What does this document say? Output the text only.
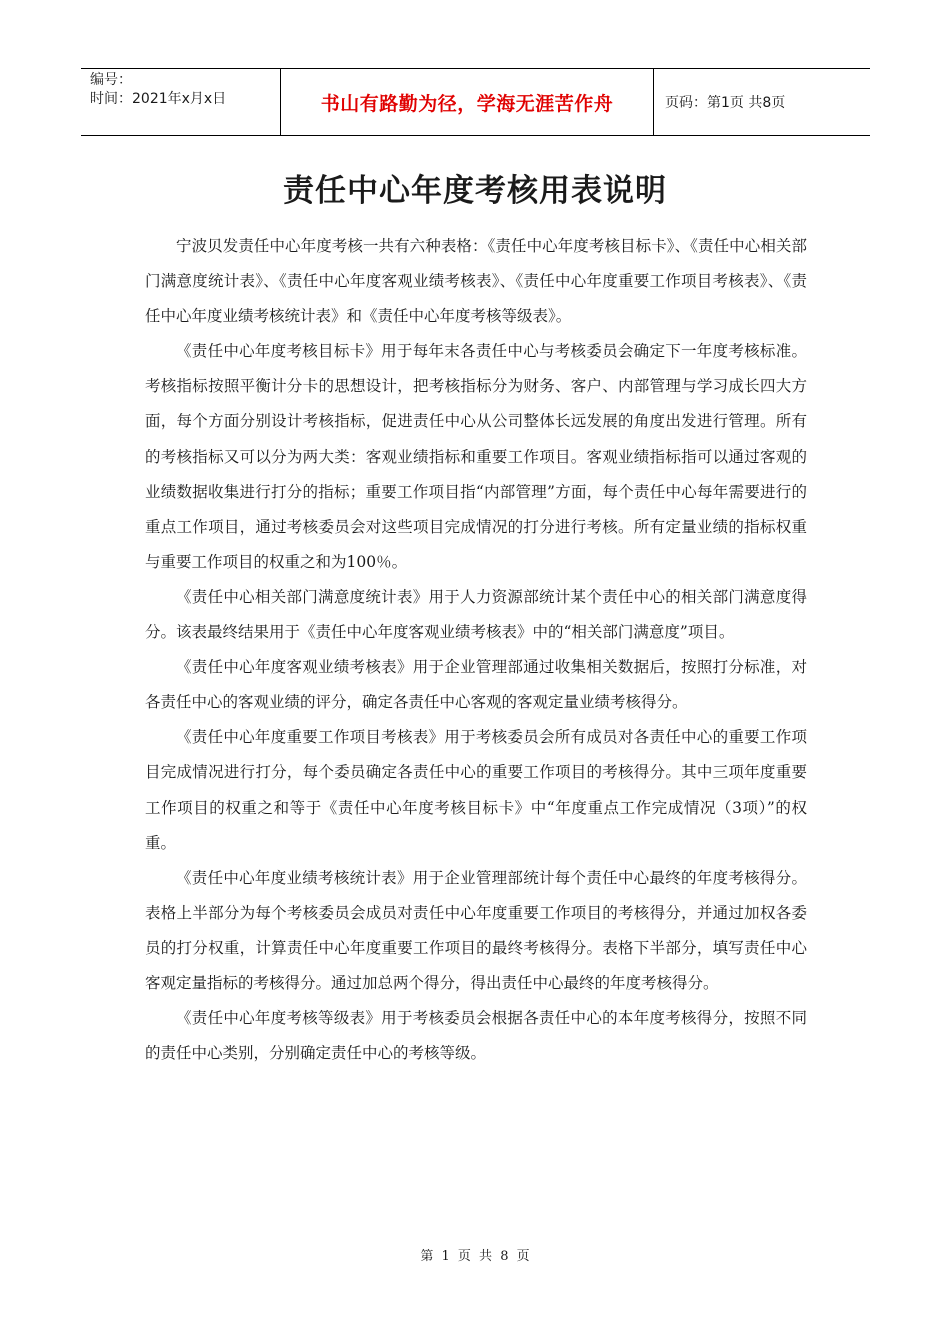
编号：
时间：2021年x月x日	书山有路勤为径，学海无涯苦作舟	页码：第1页 共8页
责任中心年度考核用表说明

宁波贝发责任中心年度考核一共有六种表格：《责任中心年度考核目标卡》、《责任中心相关部门满意度统计表》、《责任中心年度客观业绩考核表》、《责任中心年度重要工作项目考核表》、《责任中心年度业绩考核统计表》和《责任中心年度考核等级表》。

《责任中心年度考核目标卡》用于每年末各责任中心与考核委员会确定下一年度考核标准。考核指标按照平衡计分卡的思想设计，把考核指标分为财务、客户、内部管理与学习成长四大方面，每个方面分别设计考核指标，促进责任中心从公司整体长远发展的角度出发进行管理。所有的考核指标又可以分为两大类：客观业绩指标和重要工作项目。客观业绩指标指可以通过客观的业绩数据收集进行打分的指标；重要工作项目指“内部管理”方面，每个责任中心每年需要进行的重点工作项目，通过考核委员会对这些项目完成情况的打分进行考核。所有定量业绩的指标权重与重要工作项目的权重之和为100％。

《责任中心相关部门满意度统计表》用于人力资源部统计某个责任中心的相关部门满意度得分。该表最终结果用于《责任中心年度客观业绩考核表》中的“相关部门满意度”项目。

《责任中心年度客观业绩考核表》用于企业管理部通过收集相关数据后，按照打分标准，对各责任中心的客观业绩的评分，确定各责任中心客观的客观定量业绩考核得分。

《责任中心年度重要工作项目考核表》用于考核委员会所有成员对各责任中心的重要工作项目完成情况进行打分，每个委员确定各责任中心的重要工作项目的考核得分。其中三项年度重要工作项目的权重之和等于《责任中心年度考核目标卡》中“年度重点工作完成情况（3项）”的权重。

《责任中心年度业绩考核统计表》用于企业管理部统计每个责任中心最终的年度考核得分。表格上半部分为每个考核委员会成员对责任中心年度重要工作项目的考核得分，并通过加权各委员的打分权重，计算责任中心年度重要工作项目的最终考核得分。表格下半部分，填写责任中心客观定量指标的考核得分。通过加总两个得分，得出责任中心最终的年度考核得分。

《责任中心年度考核等级表》用于考核委员会根据各责任中心的本年度考核得分，按照不同的责任中心类别，分别确定责任中心的考核等级。

第 1 页 共 8 页
